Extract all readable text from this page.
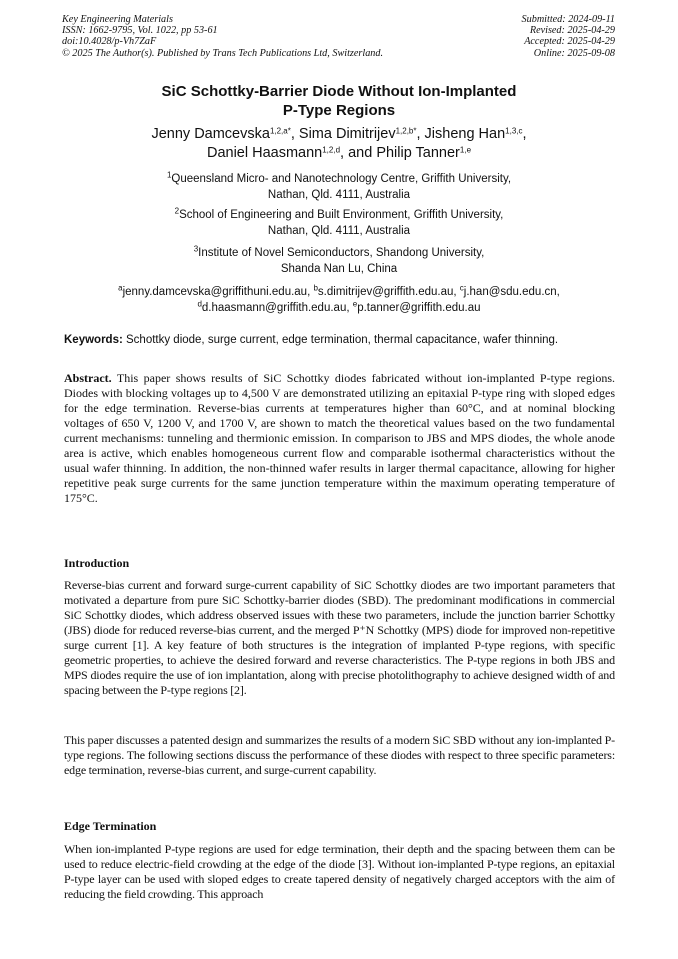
Key Engineering Materials
ISSN: 1662-9795, Vol. 1022, pp 53-61
doi:10.4028/p-Vh7ZaF
© 2025 The Author(s). Published by Trans Tech Publications Ltd, Switzerland.
Submitted: 2024-09-11
Revised: 2025-04-29
Accepted: 2025-04-29
Online: 2025-09-08
SiC Schottky-Barrier Diode Without Ion-Implanted
P-Type Regions
Jenny Damcevska$^{1,2,a*}$, Sima Dimitrijev$^{1,2,b*}$, Jisheng Han$^{1,3,c}$,
Daniel Haasmann$^{1,2,d}$, and Philip Tanner$^{1,e}$
$^1$Queensland Micro- and Nanotechnology Centre, Griffith University,
Nathan, Qld. 4111, Australia
$^2$School of Engineering and Built Environment, Griffith University,
Nathan, Qld. 4111, Australia
$^3$Institute of Novel Semiconductors, Shandong University,
Shanda Nan Lu, China
$^a$jenny.damcevska@griffithuni.edu.au, $^b$s.dimitrijev@griffith.edu.au, $^c$j.han@sdu.edu.cn,
$^d$d.haasmann@griffith.edu.au, $^e$p.tanner@griffith.edu.au
Keywords: Schottky diode, surge current, edge termination, thermal capacitance, wafer thinning.
Abstract. This paper shows results of SiC Schottky diodes fabricated without ion-implanted P-type regions. Diodes with blocking voltages up to 4,500 V are demonstrated utilizing an epitaxial P-type ring with sloped edges for the edge termination. Reverse-bias currents at temperatures higher than 60°C, and at nominal blocking voltages of 650 V, 1200 V, and 1700 V, are shown to match the theoretical values based on the two fundamental current mechanisms: tunneling and thermionic emission. In comparison to JBS and MPS diodes, the whole anode area is active, which enables homogeneous current flow and comparable isothermal characteristics without the usual wafer thinning. In addition, the non-thinned wafer results in larger thermal capacitance, allowing for higher repetitive peak surge currents for the same junction temperature within the maximum operating temperature of 175°C.
Introduction
Reverse-bias current and forward surge-current capability of SiC Schottky diodes are two important parameters that motivated a departure from pure SiC Schottky-barrier diodes (SBD). The predominant modifications in commercial SiC Schottky diodes, which address observed issues with these two parameters, include the junction barrier Schottky (JBS) diode for reduced reverse-bias current, and the merged P⁺N Schottky (MPS) diode for improved non-repetitive surge current [1]. A key feature of both structures is the integration of implanted P-type regions, with specific geometric properties, to achieve the desired forward and reverse characteristics. The P-type regions in both JBS and MPS diodes require the use of ion implantation, along with precise photolithography to achieve designed width of and spacing between the P-type regions [2].
This paper discusses a patented design and summarizes the results of a modern SiC SBD without any ion-implanted P-type regions. The following sections discuss the performance of these diodes with respect to three specific parameters: edge termination, reverse-bias current, and surge-current capability.
Edge Termination
When ion-implanted P-type regions are used for edge termination, their depth and the spacing between them can be used to reduce electric-field crowding at the edge of the diode [3]. Without ion-implanted P-type regions, an epitaxial P-type layer can be used with sloped edges to create tapered density of negatively charged acceptors with the aim of reducing the field crowding. This approach
